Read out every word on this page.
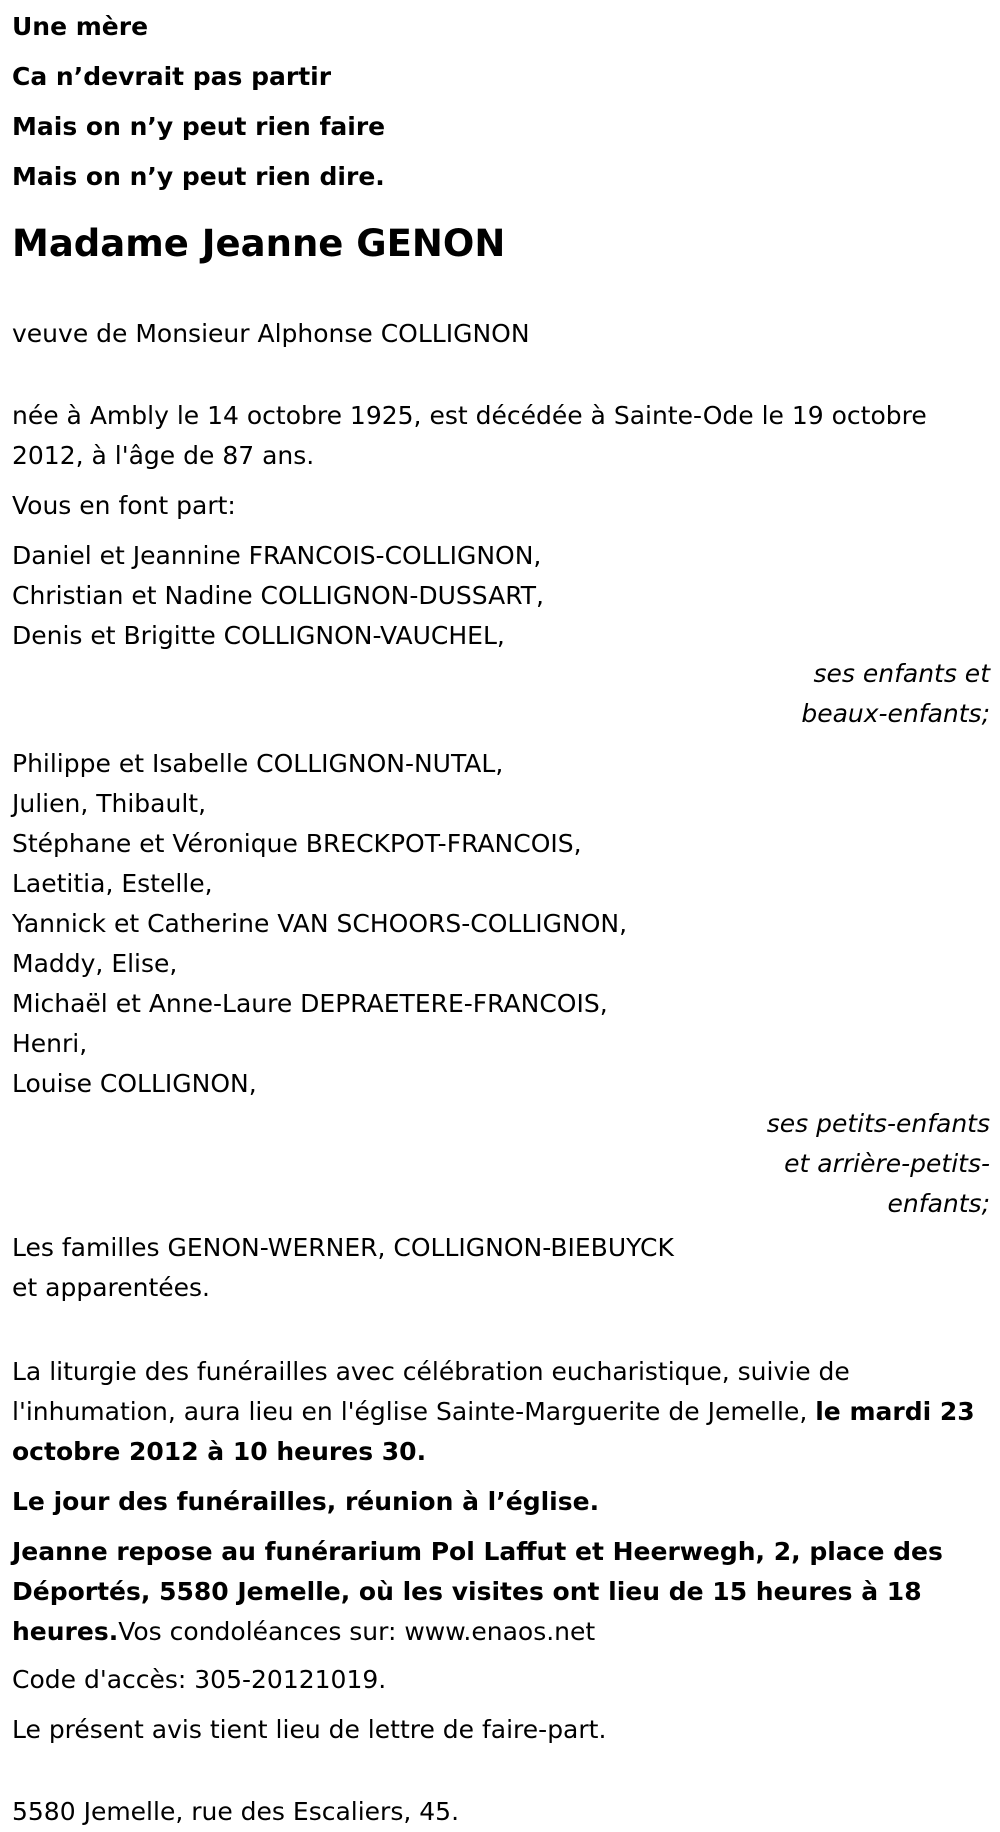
Une mère
Ca n’devrait pas partir
Mais on n’y peut rien faire
Mais on n’y peut rien dire.
Madame Jeanne GENON

veuve de Monsieur Alphonse COLLIGNON

née à Ambly le 14 octobre 1925, est décédée à Sainte-Ode le 19 octobre 2012, à l'âge de 87 ans.

Vous en font part:

Daniel et Jeannine FRANCOIS-COLLIGNON,
Christian et Nadine COLLIGNON-DUSSART,
Denis et Brigitte COLLIGNON-VAUCHEL,
ses enfants et
beaux-enfants;
Philippe et Isabelle COLLIGNON-NUTAL,
Julien, Thibault,
Stéphane et Véronique BRECKPOT-FRANCOIS,
Laetitia, Estelle,
Yannick et Catherine VAN SCHOORS-COLLIGNON,
Maddy, Elise,
Michaël et Anne-Laure DEPRAETERE-FRANCOIS,
Henri,
Louise COLLIGNON,
ses petits-enfants
et arrière-petits-
enfants;
Les familles GENON-WERNER, COLLIGNON-BIEBUYCK
et apparentées.

La liturgie des funérailles avec célébration eucharistique, suivie de l'inhumation, aura lieu en l'église Sainte-Marguerite de Jemelle, le mardi 23 octobre 2012 à 10 heures 30.

Le jour des funérailles, réunion à l’église.

Jeanne repose au funérarium Pol Laffut et Heerwegh, 2, place des Déportés, 5580 Jemelle, où les visites ont lieu de 15 heures à 18 heures.Vos condoléances sur: www.enaos.net

Code d'accès: 305-20121019.

Le présent avis tient lieu de lettre de faire-part.

5580 Jemelle, rue des Escaliers, 45.
